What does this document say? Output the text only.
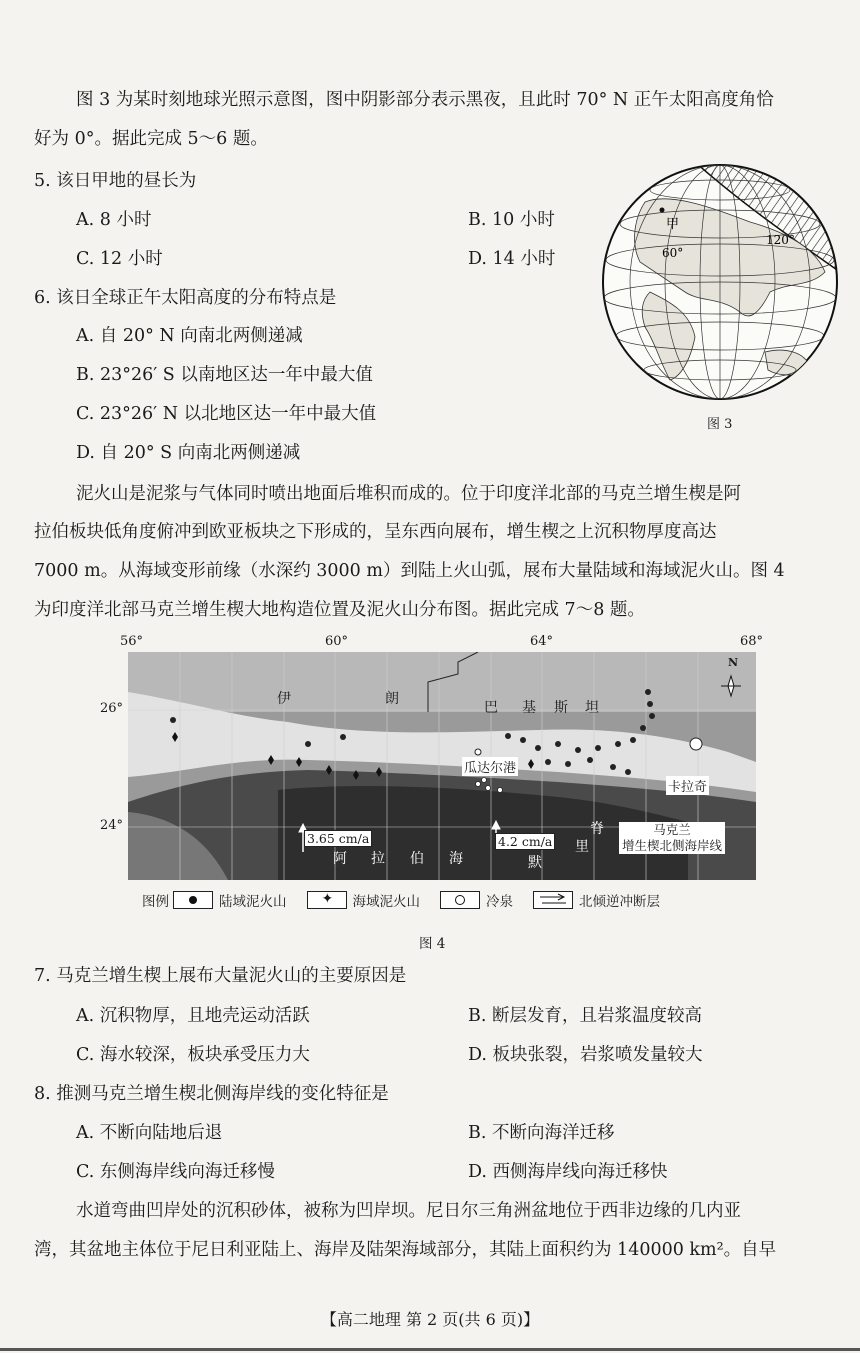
图 3 为某时刻地球光照示意图，图中阴影部分表示黑夜，且此时 70° N 正午太阳高度角恰
好为 0°。据此完成 5～6 题。
5. 该日甲地的昼长为
A. 8 小时	B. 10 小时
C. 12 小时	D. 14 小时
6. 该日全球正午太阳高度的分布特点是
A. 自 20° N 向南北两侧递减
B. 23°26′ S 以南地区达一年中最大值
C. 23°26′ N 以北地区达一年中最大值
D. 自 20° S 向南北两侧递减
甲
60°
120°
图 3
泥火山是泥浆与气体同时喷出地面后堆积而成的。位于印度洋北部的马克兰增生楔是阿
拉伯板块低角度俯冲到欧亚板块之下形成的，呈东西向展布，增生楔之上沉积物厚度高达
7000 m。从海域变形前缘（水深约 3000 m）到陆上火山弧，展布大量陆域和海域泥火山。图 4
为印度洋北部马克兰增生楔大地构造位置及泥火山分布图。据此完成 7～8 题。
56°	60°	64°	68°
26°
24°
伊	朗
巴 基 斯 坦
瓜达尔港
卡拉奇
3.65 cm/a	4.2 cm/a
阿 拉 伯 海
脊
默
里
马克兰
增生楔北侧海岸线
N
图例	陆域泥火山	✦ 海域泥火山	冷泉	北倾逆冲断层
图 4
7. 马克兰增生楔上展布大量泥火山的主要原因是
A. 沉积物厚，且地壳运动活跃	B. 断层发育，且岩浆温度较高
C. 海水较深，板块承受压力大	D. 板块张裂，岩浆喷发量较大
8. 推测马克兰增生楔北侧海岸线的变化特征是
A. 不断向陆地后退	B. 不断向海洋迁移
C. 东侧海岸线向海迁移慢	D. 西侧海岸线向海迁移快
水道弯曲凹岸处的沉积砂体，被称为凹岸坝。尼日尔三角洲盆地位于西非边缘的几内亚
湾，其盆地主体位于尼日利亚陆上、海岸及陆架海域部分，其陆上面积约为 140000 km²。自早
【高二地理 第 2 页(共 6 页)】
